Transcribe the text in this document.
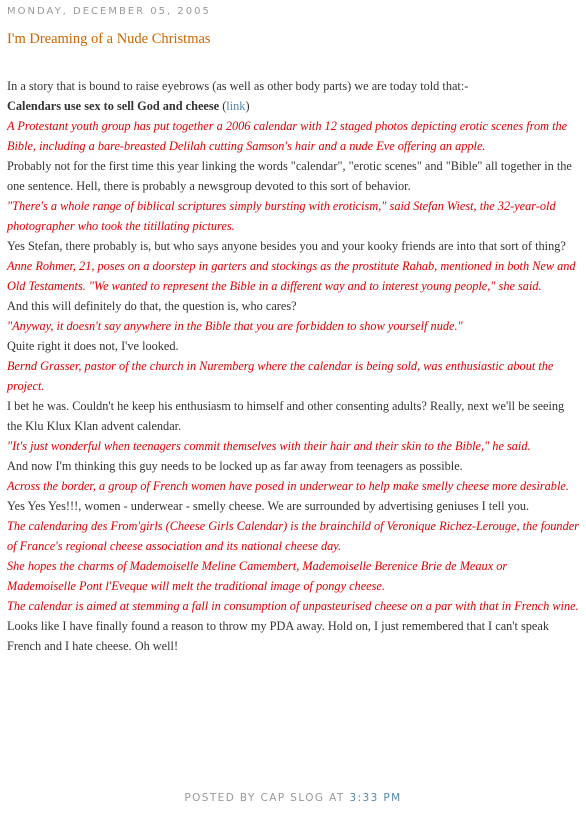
MONDAY, DECEMBER 05, 2005
I'm Dreaming of a Nude Christmas

In a story that is bound to raise eyebrows (as well as other body parts) we are today told that:-

Calendars use sex to sell God and cheese (link)

A Protestant youth group has put together a 2006 calendar with 12 staged photos depicting erotic scenes from the Bible, including a bare-breasted Delilah cutting Samson's hair and a nude Eve offering an apple.

Probably not for the first time this year linking the words "calendar", "erotic scenes" and "Bible" all together in the one sentence. Hell, there is probably a newsgroup devoted to this sort of behavior.

"There's a whole range of biblical scriptures simply bursting with eroticism," said Stefan Wiest, the 32-year-old photographer who took the titillating pictures.

Yes Stefan, there probably is, but who says anyone besides you and your kooky friends are into that sort of thing?

Anne Rohmer, 21, poses on a doorstep in garters and stockings as the prostitute Rahab, mentioned in both New and Old Testaments. "We wanted to represent the Bible in a different way and to interest young people," she said.

And this will definitely do that, the question is, who cares?

"Anyway, it doesn't say anywhere in the Bible that you are forbidden to show yourself nude."

Quite right it does not, I've looked.

Bernd Grasser, pastor of the church in Nuremberg where the calendar is being sold, was enthusiastic about the project.

I bet he was. Couldn't he keep his enthusiasm to himself and other consenting adults? Really, next we'll be seeing the Klu Klux Klan advent calendar.

"It's just wonderful when teenagers commit themselves with their hair and their skin to the Bible," he said.

And now I'm thinking this guy needs to be locked up as far away from teenagers as possible.

Across the border, a group of French women have posed in underwear to help make smelly cheese more desirable.

Yes Yes Yes!!!, women - underwear - smelly cheese. We are surrounded by advertising geniuses I tell you.

The calendaring des From'girls (Cheese Girls Calendar) is the brainchild of Veronique Richez-Lerouge, the founder of France's regional cheese association and its national cheese day.

She hopes the charms of Mademoiselle Meline Camembert, Mademoiselle Berenice Brie de Meaux or Mademoiselle Pont l'Eveque will melt the traditional image of pongy cheese.

The calendar is aimed at stemming a fall in consumption of unpasteurised cheese on a par with that in French wine.

Looks like I have finally found a reason to throw my PDA away. Hold on, I just remembered that I can't speak French and I hate cheese. Oh well!

POSTED BY CAP SLOG AT 3:33 PM
